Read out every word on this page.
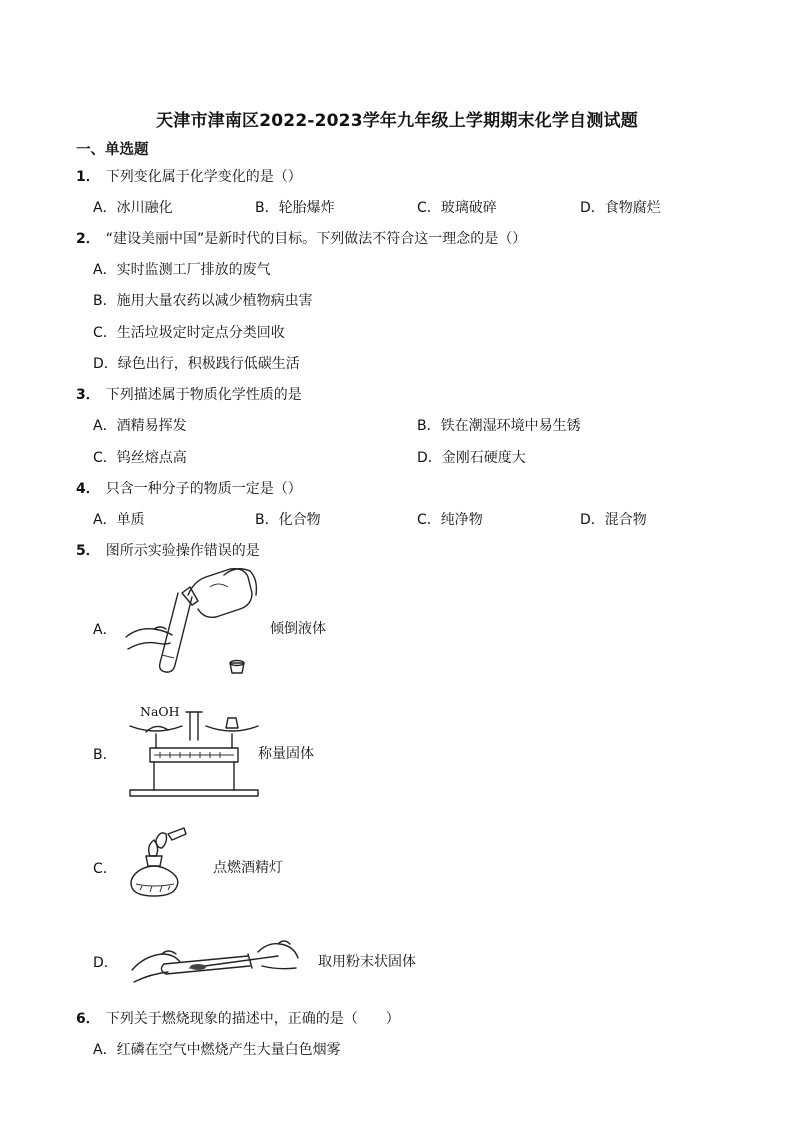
天津市津南区2022-2023学年九年级上学期期末化学自测试题
一、单选题
1． 下列变化属于化学变化的是（）
A．冰川融化	B．轮胎爆炸	C．玻璃破碎	D．食物腐烂
2． “建设美丽中国”是新时代的目标。下列做法不符合这一理念的是（）
A．实时监测工厂排放的废气
B．施用大量农药以减少植物病虫害
C．生活垃圾定时定点分类回收
D．绿色出行，积极践行低碳生活
3． 下列描述属于物质化学性质的是
A．酒精易挥发	B．铁在潮湿环境中易生锈
C．钨丝熔点高	D．金刚石硬度大
4． 只含一种分子的物质一定是（）
A．单质	B．化合物	C．纯净物	D．混合物
5． 图所示实验操作错误的是
A．	倾倒液体
B．
NaOH
称量固体
C．	点燃酒精灯
D．	取用粉末状固体
6． 下列关于燃烧现象的描述中，正确的是（　　）
A．红磷在空气中燃烧产生大量白色烟雾
